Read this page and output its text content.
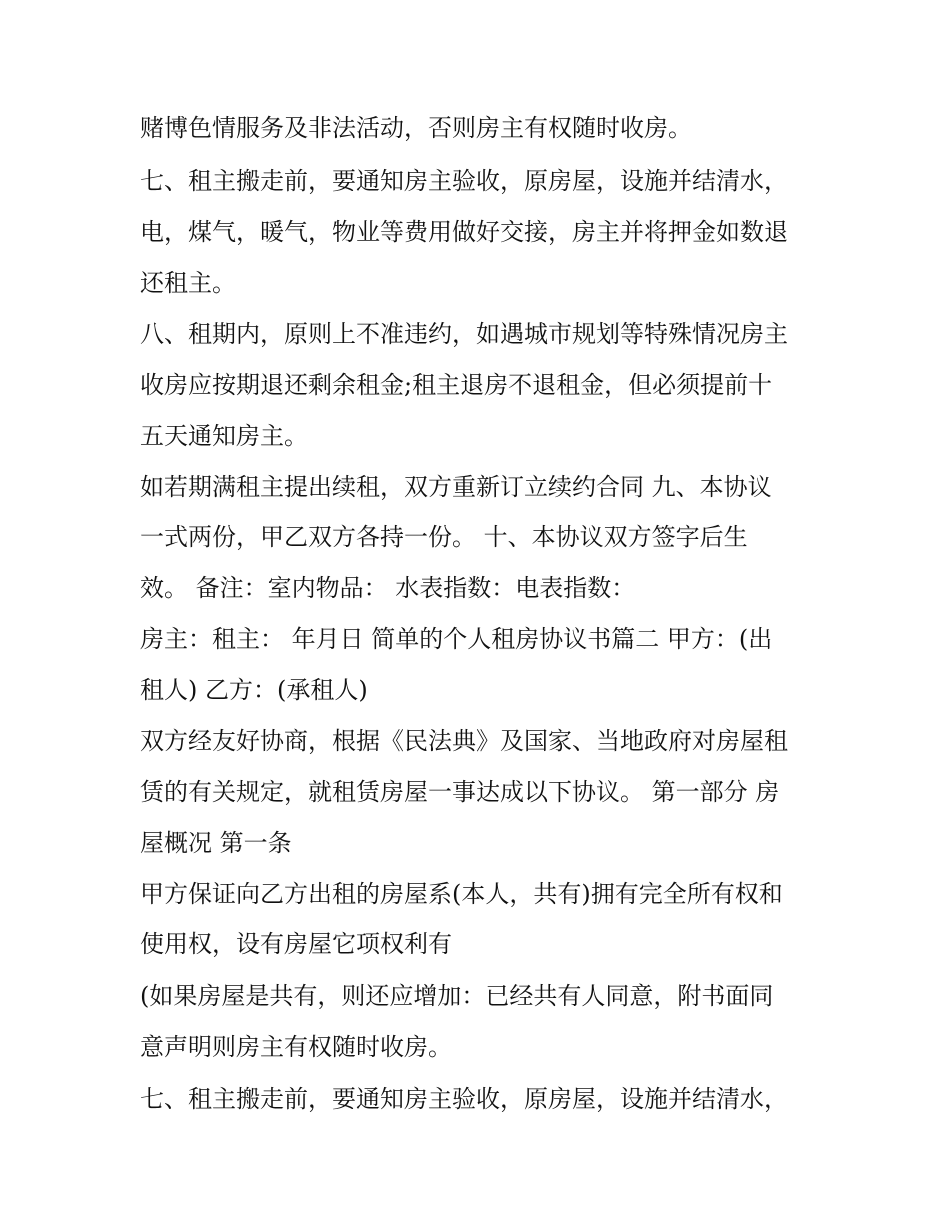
赌博色情服务及非法活动，否则房主有权随时收房。
七、租主搬走前，要通知房主验收，原房屋，设施并结清水，
电，煤气，暖气，物业等费用做好交接，房主并将押金如数退
还租主。
八、租期内，原则上不准违约，如遇城市规划等特殊情况房主
收房应按期退还剩余租金;租主退房不退租金，但必须提前十
五天通知房主。
如若期满租主提出续租，双方重新订立续约合同 九、本协议
一式两份，甲乙双方各持一份。 十、本协议双方签字后生
效。 备注：室内物品： 水表指数：电表指数：
房主：租主： 年月日 简单的个人租房协议书篇二 甲方：(出
租人) 乙方：(承租人)
双方经友好协商，根据《民法典》及国家、当地政府对房屋租
赁的有关规定，就租赁房屋一事达成以下协议。 第一部分 房
屋概况 第一条
甲方保证向乙方出租的房屋系(本人，共有)拥有完全所有权和
使用权，设有房屋它项权利有
(如果房屋是共有，则还应增加：已经共有人同意，附书面同
意声明则房主有权随时收房。
七、租主搬走前，要通知房主验收，原房屋，设施并结清水，
